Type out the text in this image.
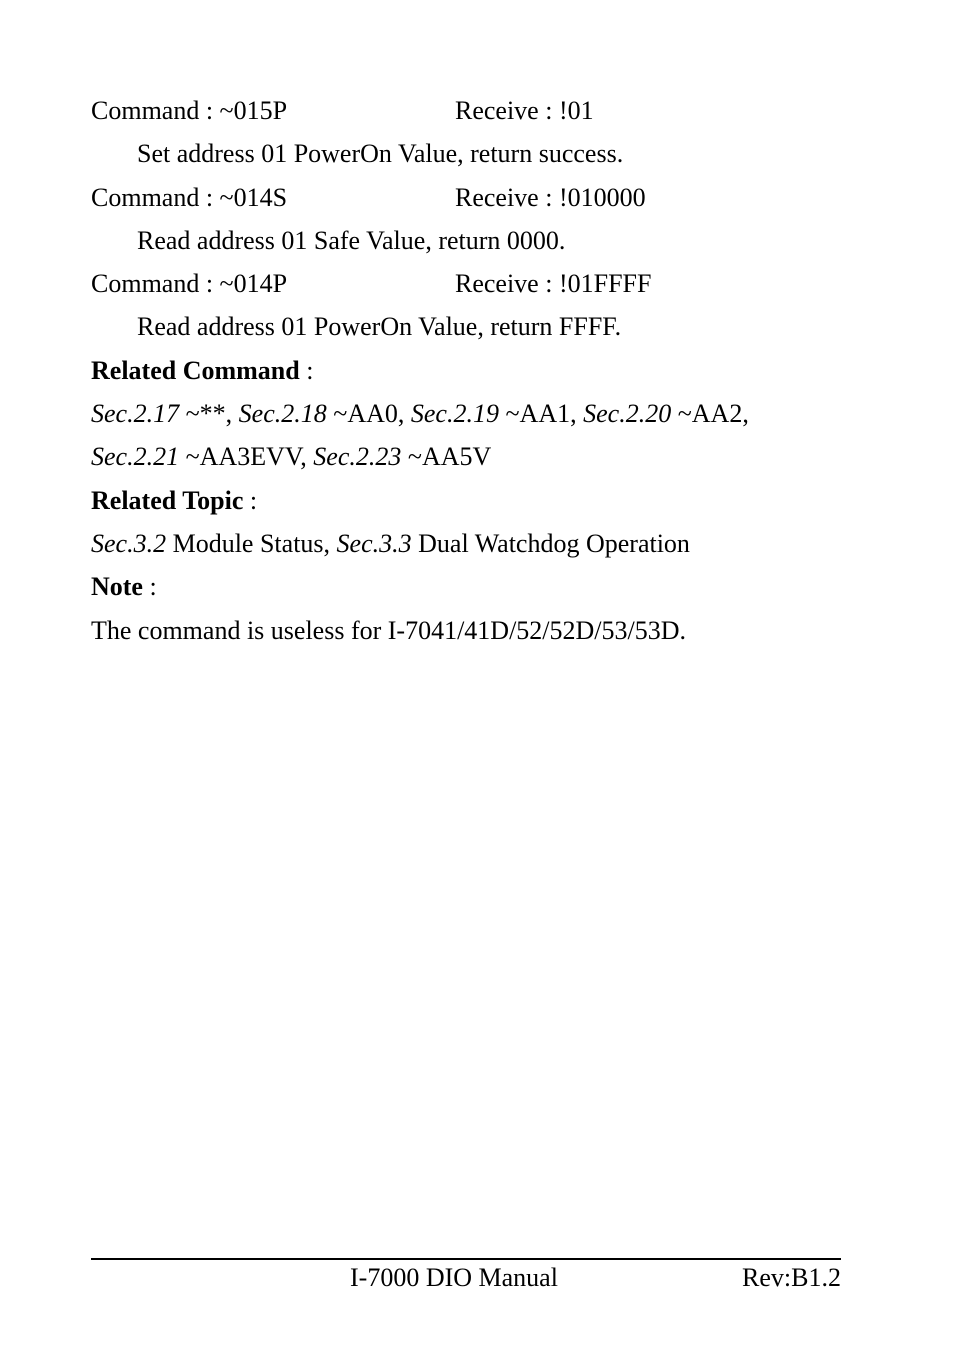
Command : ~015P	Receive : !01
Set address 01 PowerOn Value, return success.
Command : ~014S	Receive : !010000
Read address 01 Safe Value, return 0000.
Command : ~014P	Receive : !01FFFF
Read address 01 PowerOn Value, return FFFF.
Related Command :
Sec.2.17 ~**, Sec.2.18 ~AA0, Sec.2.19 ~AA1, Sec.2.20 ~AA2,
Sec.2.21 ~AA3EVV, Sec.2.23 ~AA5V
Related Topic :
Sec.3.2 Module Status, Sec.3.3 Dual Watchdog Operation
Note :
The command is useless for I-7041/41D/52/52D/53/53D.
I-7000 DIO Manual	Rev:B1.2
